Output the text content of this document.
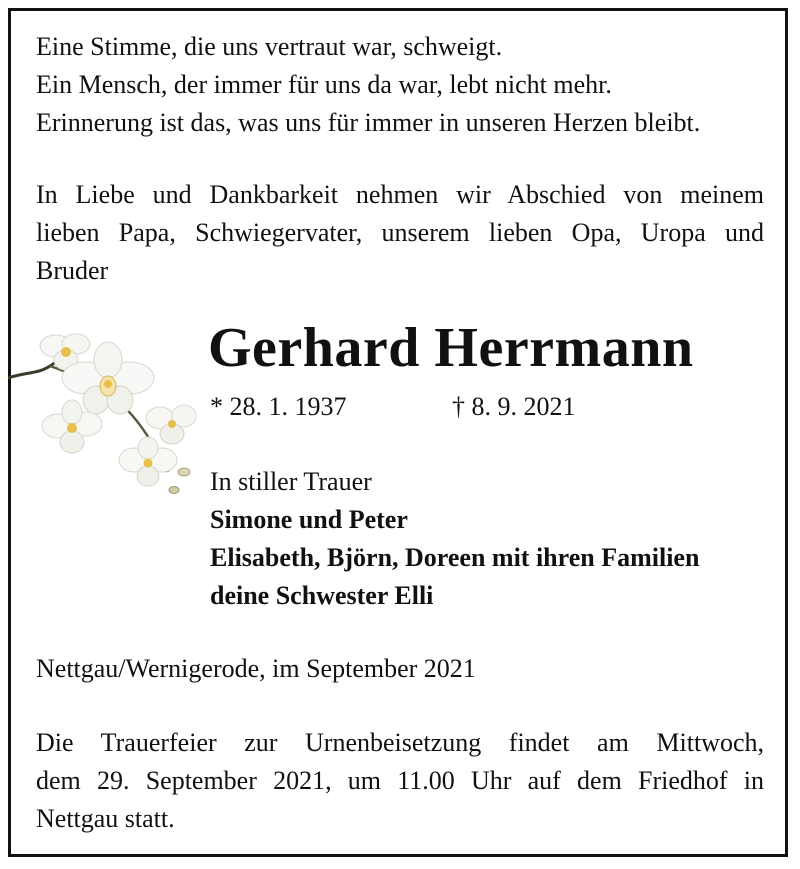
Eine Stimme, die uns vertraut war, schweigt.
Ein Mensch, der immer für uns da war, lebt nicht mehr.
Erinnerung ist das, was uns für immer in unseren Herzen bleibt.
In Liebe und Dankbarkeit nehmen wir Abschied von meinem
lieben Papa, Schwiegervater, unserem lieben Opa, Uropa und
Bruder
Gerhard Herrmann
* 28. 1. 1937	† 8. 9. 2021
In stiller Trauer
Simone und Peter
Elisabeth, Björn, Doreen mit ihren Familien
deine Schwester Elli
Nettgau/Wernigerode, im September 2021
Die Trauerfeier zur Urnenbeisetzung findet am Mittwoch,
dem 29. September 2021, um 11.00 Uhr auf dem Friedhof in
Nettgau statt.
